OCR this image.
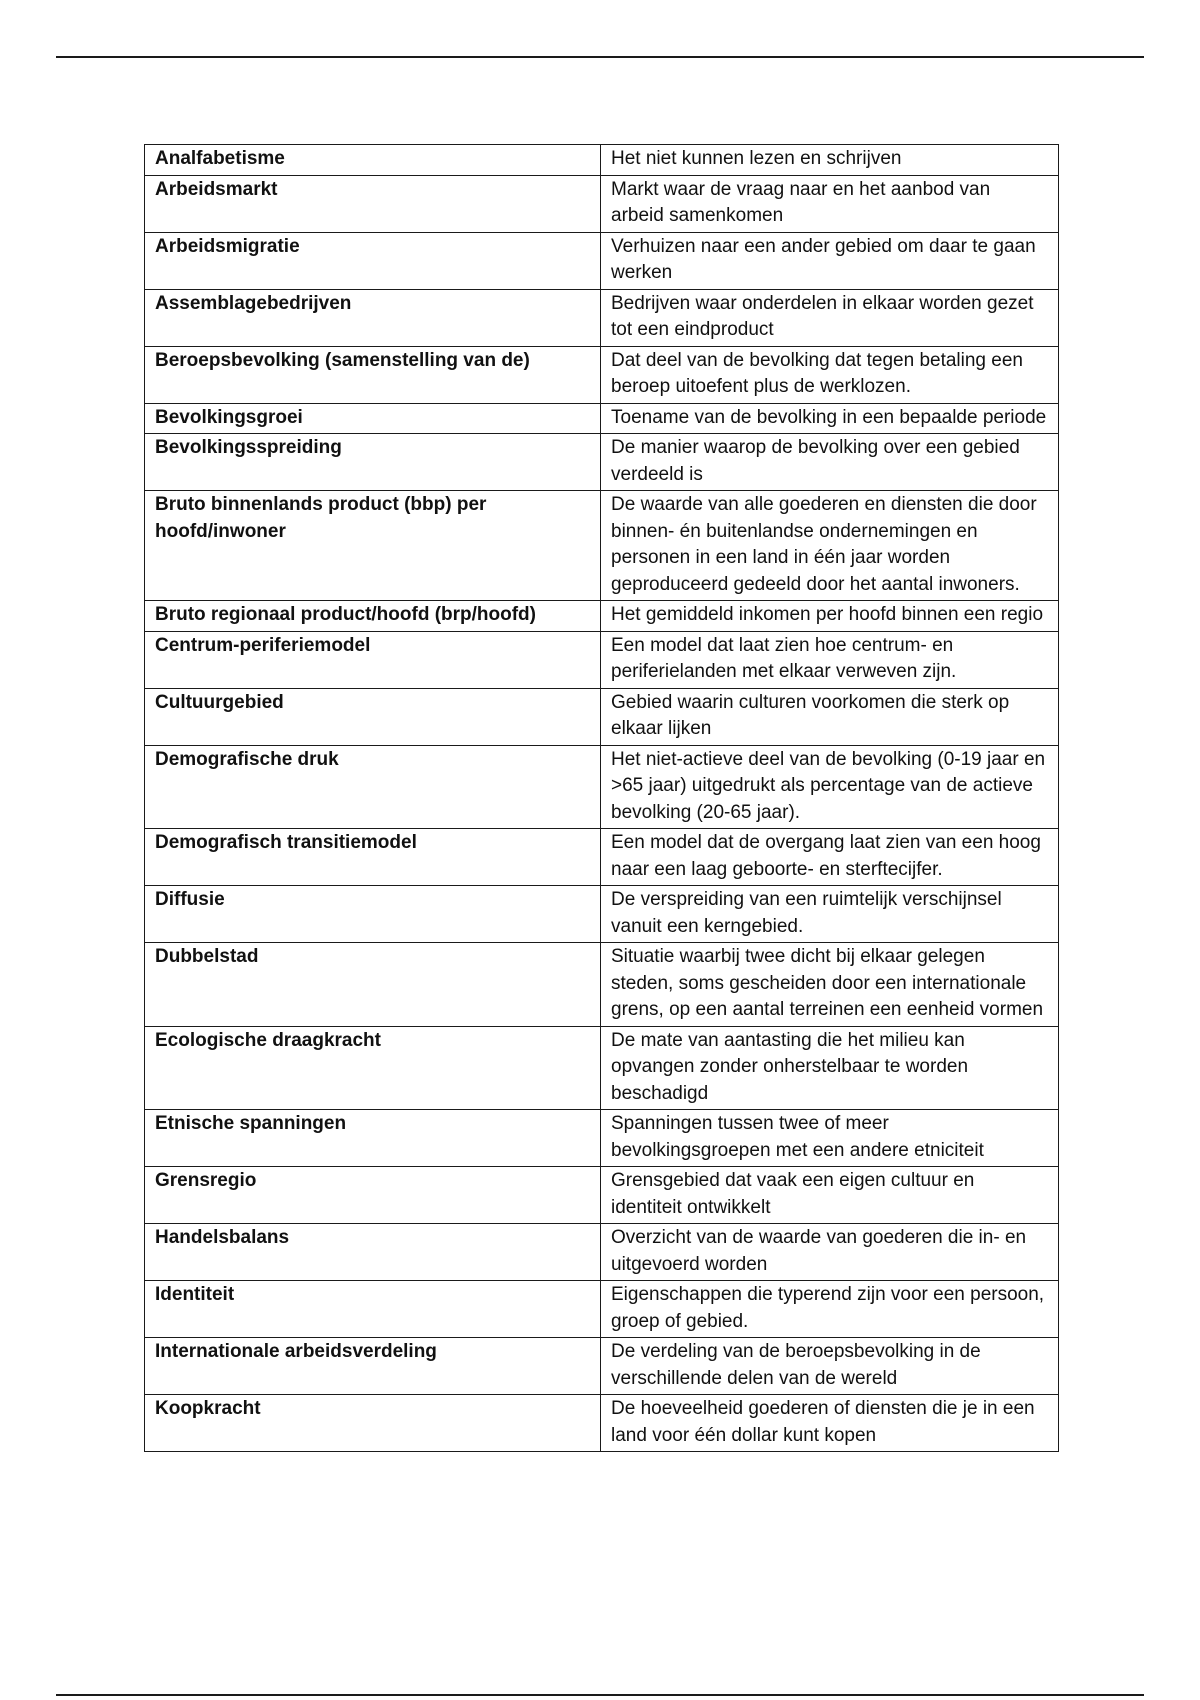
Analfabetisme	Het niet kunnen lezen en schrijven
Arbeidsmarkt	Markt waar de vraag naar en het aanbod van arbeid samenkomen
Arbeidsmigratie	Verhuizen naar een ander gebied om daar te gaan werken
Assemblagebedrijven	Bedrijven waar onderdelen in elkaar worden gezet tot een eindproduct
Beroepsbevolking (samenstelling van de)	Dat deel van de bevolking dat tegen betaling een beroep uitoefent plus de werklozen.
Bevolkingsgroei	Toename van de bevolking in een bepaalde periode
Bevolkingsspreiding	De manier waarop de bevolking over een gebied verdeeld is
Bruto binnenlands product (bbp) per hoofd/inwoner	De waarde van alle goederen en diensten die door binnen- én buitenlandse ondernemingen en personen in een land in één jaar worden geproduceerd gedeeld door het aantal inwoners.
Bruto regionaal product/hoofd (brp/hoofd)	Het gemiddeld inkomen per hoofd binnen een regio
Centrum-periferiemodel	Een model dat laat zien hoe centrum- en periferielanden met elkaar verweven zijn.
Cultuurgebied	Gebied waarin culturen voorkomen die sterk op elkaar lijken
Demografische druk	Het niet-actieve deel van de bevolking (0-19 jaar en >65 jaar) uitgedrukt als percentage van de actieve bevolking (20-65 jaar).
Demografisch transitiemodel	Een model dat de overgang laat zien van een hoog naar een laag geboorte- en sterftecijfer.
Diffusie	De verspreiding van een ruimtelijk verschijnsel vanuit een kerngebied.
Dubbelstad	Situatie waarbij twee dicht bij elkaar gelegen steden, soms gescheiden door een internationale grens, op een aantal terreinen een eenheid vormen
Ecologische draagkracht	De mate van aantasting die het milieu kan opvangen zonder onherstelbaar te worden beschadigd
Etnische spanningen	Spanningen tussen twee of meer bevolkingsgroepen met een andere etniciteit
Grensregio	Grensgebied dat vaak een eigen cultuur en identiteit ontwikkelt
Handelsbalans	Overzicht van de waarde van goederen die in- en uitgevoerd worden
Identiteit	Eigenschappen die typerend zijn voor een persoon, groep of gebied.
Internationale arbeidsverdeling	De verdeling van de beroepsbevolking in de verschillende delen van de wereld
Koopkracht	De hoeveelheid goederen of diensten die je in een land voor één dollar kunt kopen
